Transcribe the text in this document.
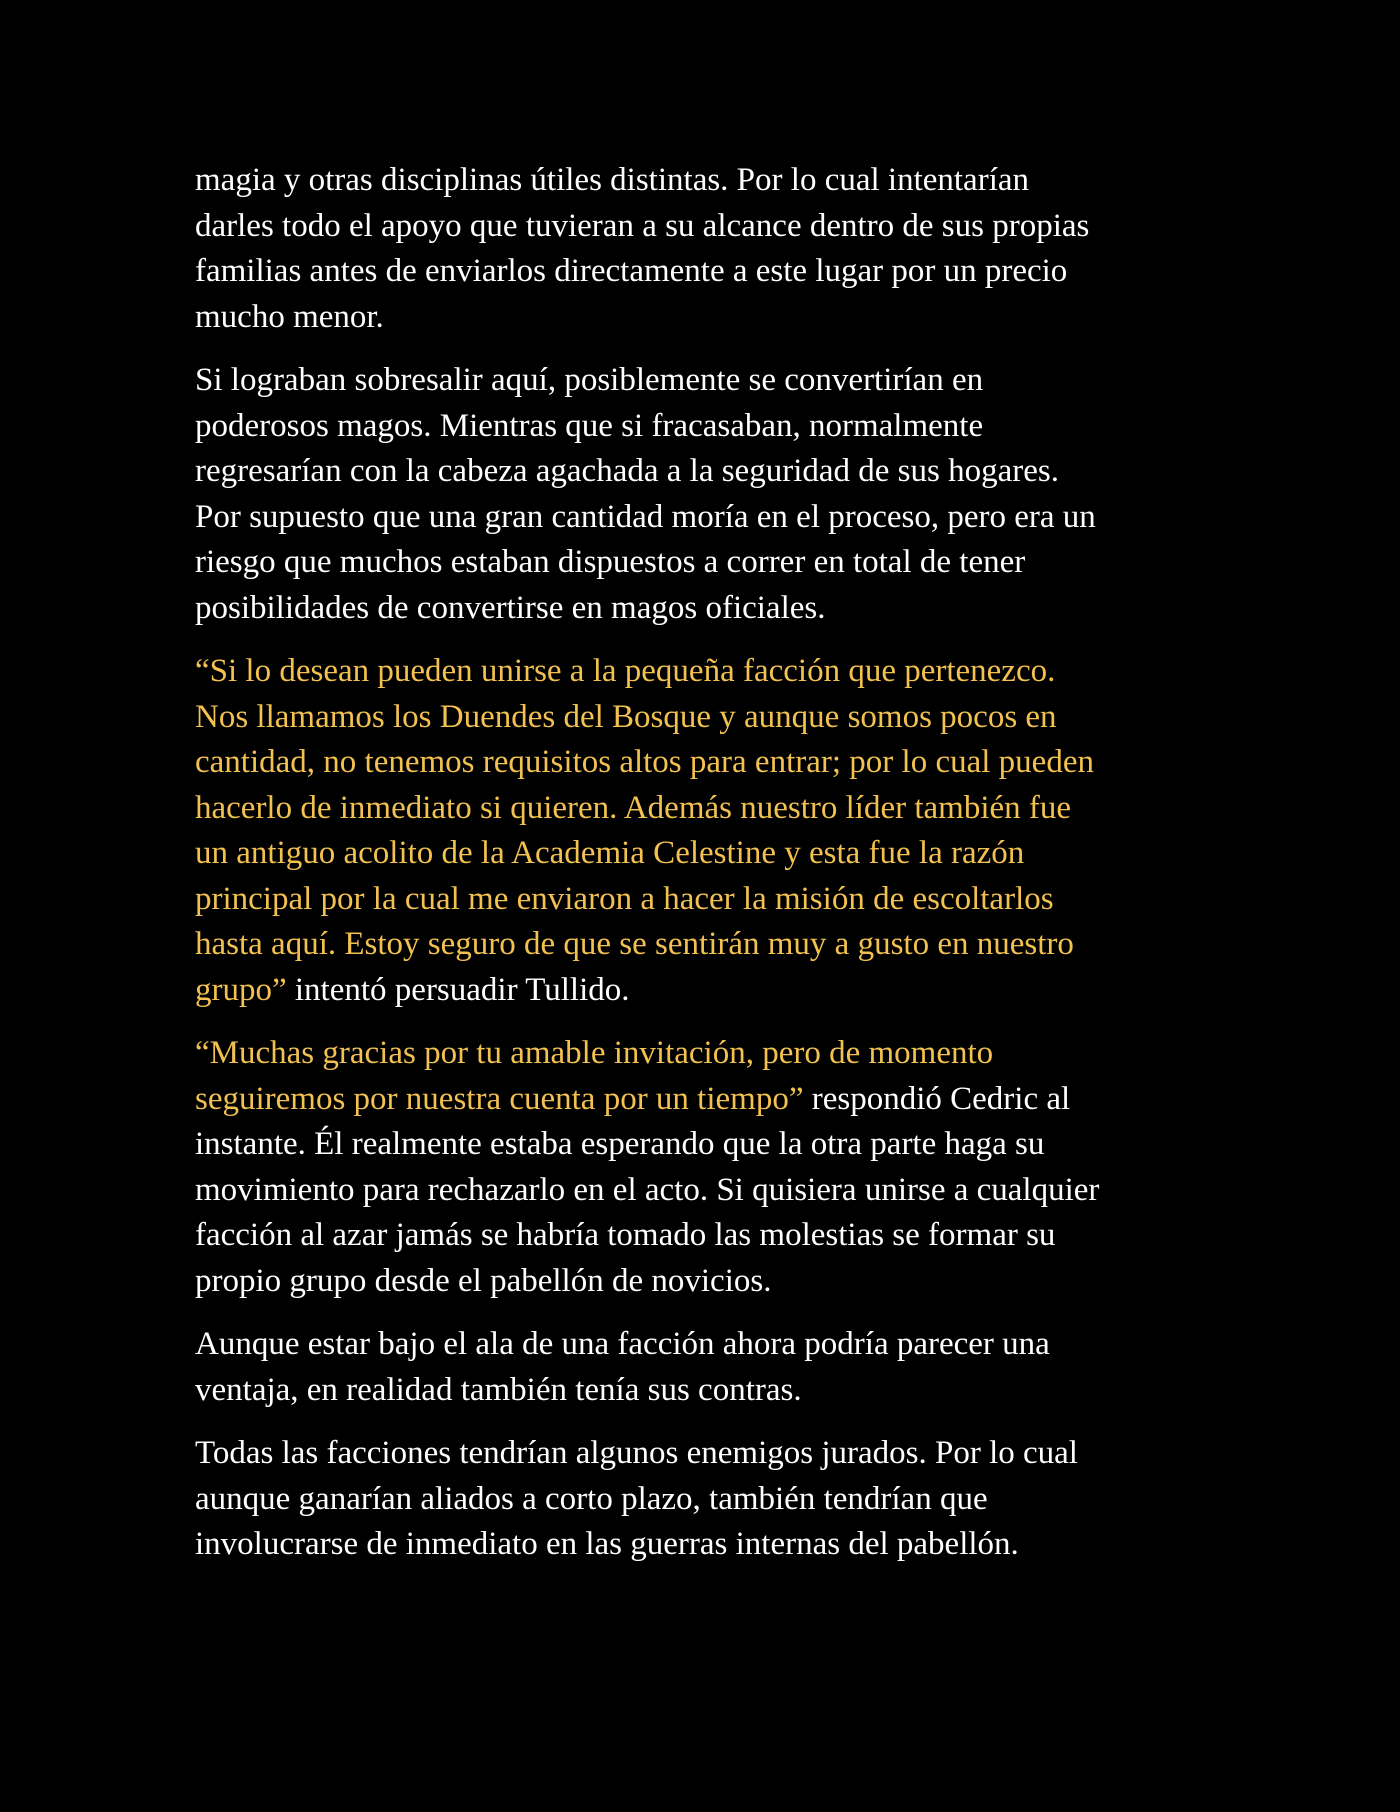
magia y otras disciplinas útiles distintas. Por lo cual intentarían
darles todo el apoyo que tuvieran a su alcance dentro de sus propias
familias antes de enviarlos directamente a este lugar por un precio
mucho menor.

Si lograban sobresalir aquí, posiblemente se convertirían en
poderosos magos. Mientras que si fracasaban, normalmente
regresarían con la cabeza agachada a la seguridad de sus hogares.
Por supuesto que una gran cantidad moría en el proceso, pero era un
riesgo que muchos estaban dispuestos a correr en total de tener
posibilidades de convertirse en magos oficiales.

“Si lo desean pueden unirse a la pequeña facción que pertenezco.
Nos llamamos los Duendes del Bosque y aunque somos pocos en
cantidad, no tenemos requisitos altos para entrar; por lo cual pueden
hacerlo de inmediato si quieren. Además nuestro líder también fue
un antiguo acolito de la Academia Celestine y esta fue la razón
principal por la cual me enviaron a hacer la misión de escoltarlos
hasta aquí. Estoy seguro de que se sentirán muy a gusto en nuestro
grupo” intentó persuadir Tullido.

“Muchas gracias por tu amable invitación, pero de momento
seguiremos por nuestra cuenta por un tiempo” respondió Cedric al
instante. Él realmente estaba esperando que la otra parte haga su
movimiento para rechazarlo en el acto. Si quisiera unirse a cualquier
facción al azar jamás se habría tomado las molestias se formar su
propio grupo desde el pabellón de novicios.

Aunque estar bajo el ala de una facción ahora podría parecer una
ventaja, en realidad también tenía sus contras.

Todas las facciones tendrían algunos enemigos jurados. Por lo cual
aunque ganarían aliados a corto plazo, también tendrían que
involucrarse de inmediato en las guerras internas del pabellón.
